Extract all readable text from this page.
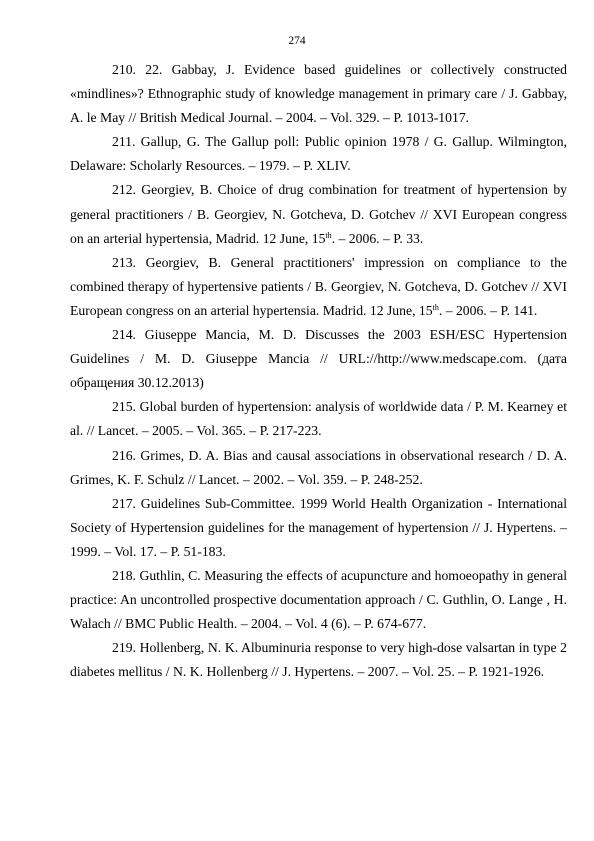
274

210. 22. Gabbay, J. Evidence based guidelines or collectively constructed «mindlines»? Ethnographic study of knowledge management in primary care / J. Gabbay, A. le May // British Medical Journal. – 2004. – Vol. 329. – P. 1013-1017.

211. Gallup, G. The Gallup poll: Public opinion 1978 / G. Gallup. Wilmington, Delaware: Scholarly Resources. – 1979. – P. XLIV.

212. Georgiev, B. Choice of drug combination for treatment of hypertension by general practitioners / B. Georgiev, N. Gotcheva, D. Gotchev // XVI European congress on an arterial hypertensia, Madrid. 12 June, 15th. – 2006. – P. 33.

213. Georgiev, B. General practitioners' impression on compliance to the combined therapy of hypertensive patients / B. Georgiev, N. Gotcheva, D. Gotchev // XVI European congress on an arterial hypertensia. Madrid. 12 June, 15th. – 2006. – P. 141.

214. Giuseppe Mancia, M. D. Discusses the 2003 ESH/ESC Hypertension Guidelines / M. D. Giuseppe Mancia // URL://http://www.medscape.com. (дата обращения 30.12.2013)

215. Global burden of hypertension: analysis of worldwide data / P. M. Kearney et al. // Lancet. – 2005. – Vol. 365. – P. 217-223.

216. Grimes, D. A. Bias and causal associations in observational research / D. A. Grimes, K. F. Schulz // Lancet. – 2002. – Vol. 359. – P. 248-252.

217. Guidelines Sub-Committee. 1999 World Health Organization - International Society of Hypertension guidelines for the management of hypertension // J. Hypertens. – 1999. – Vol. 17. – P. 51-183.

218. Guthlin, C. Measuring the effects of acupuncture and homoeopathy in general practice: An uncontrolled prospective documentation approach / C. Guthlin, O. Lange , H. Walach // BMC Public Health. – 2004. – Vol. 4 (6). – P. 674-677.

219. Hollenberg, N. K. Albuminuria response to very high-dose valsartan in type 2 diabetes mellitus / N. K. Hollenberg // J. Hypertens. – 2007. – Vol. 25. – P. 1921-1926.
